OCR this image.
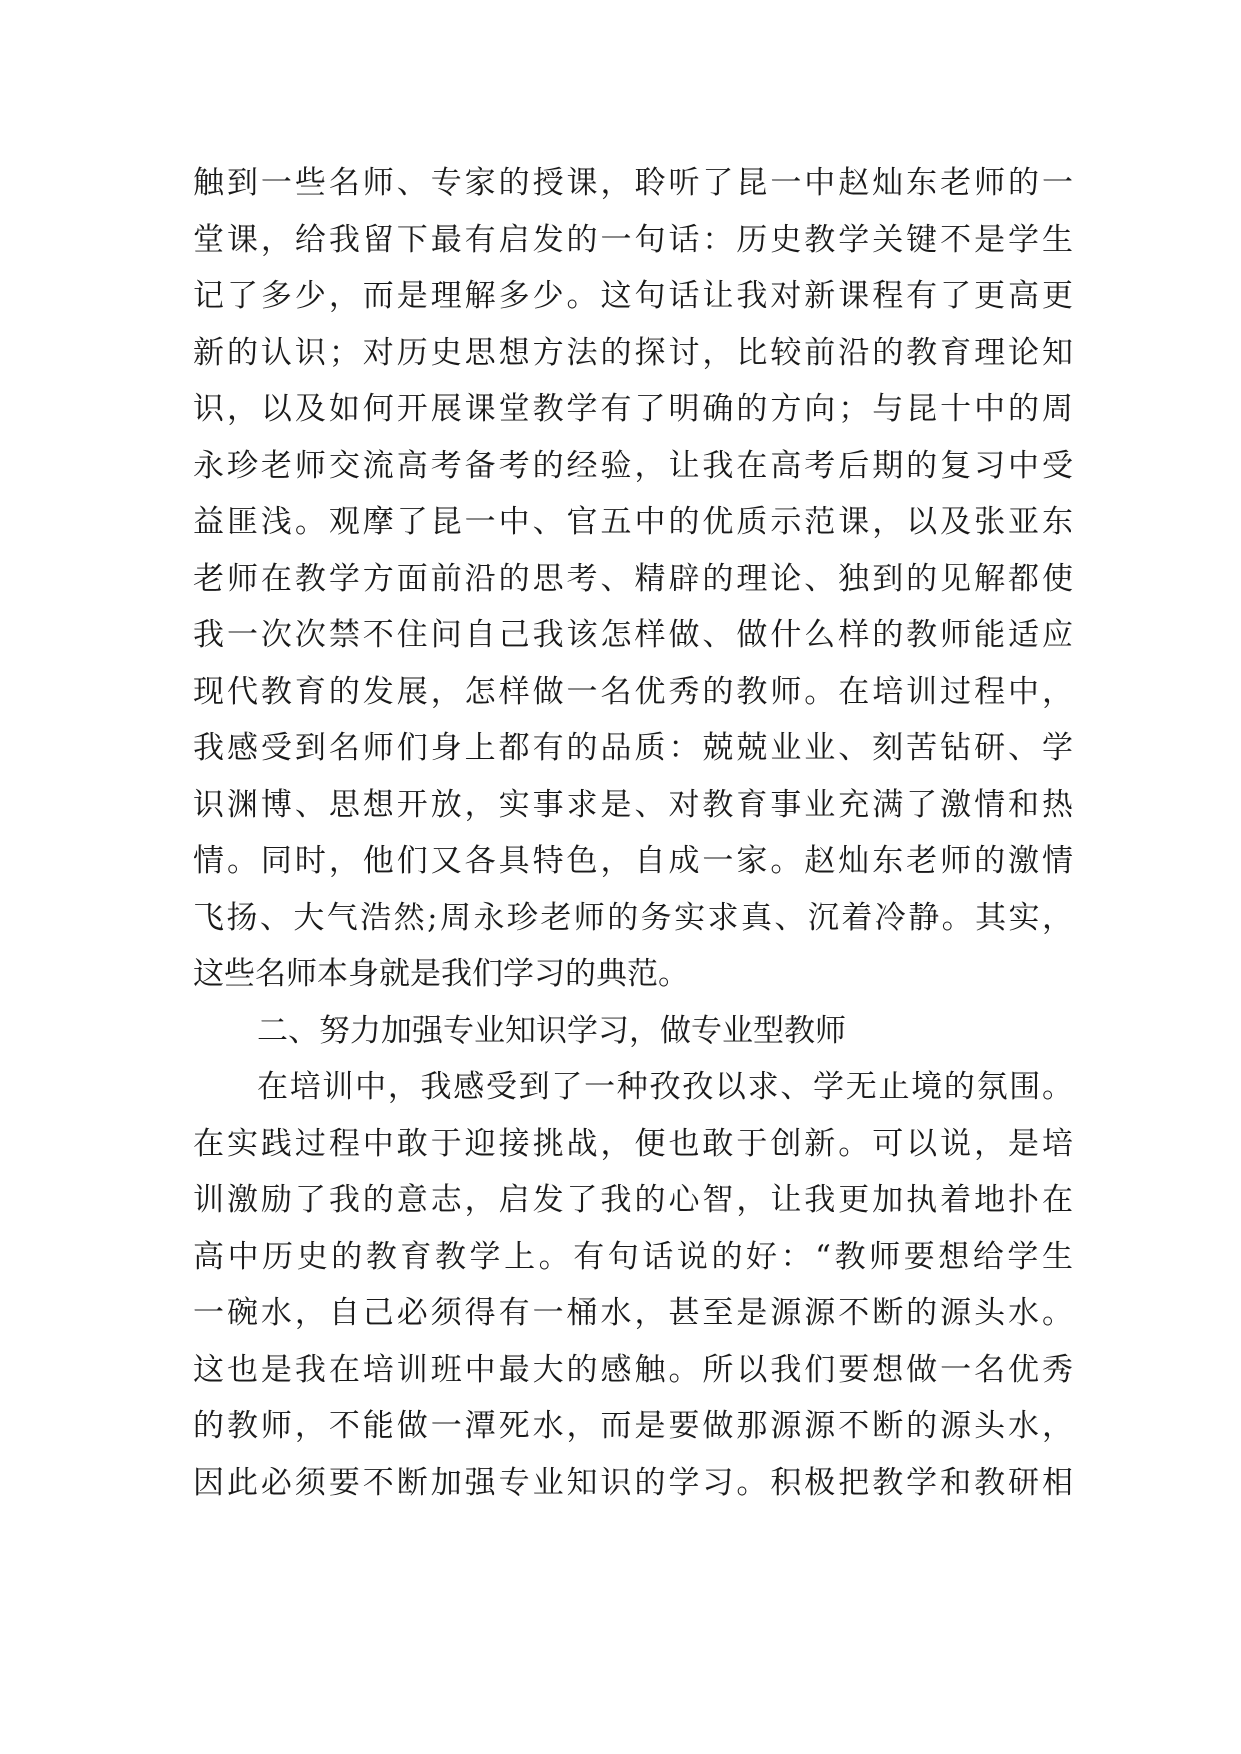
触到一些名师、专家的授课，聆听了昆一中赵灿东老师的一
堂课，给我留下最有启发的一句话：历史教学关键不是学生
记了多少，而是理解多少。这句话让我对新课程有了更高更
新的认识；对历史思想方法的探讨，比较前沿的教育理论知
识，以及如何开展课堂教学有了明确的方向；与昆十中的周
永珍老师交流高考备考的经验，让我在高考后期的复习中受
益匪浅。观摩了昆一中、官五中的优质示范课，以及张亚东
老师在教学方面前沿的思考、精辟的理论、独到的见解都使
我一次次禁不住问自己我该怎样做、做什么样的教师能适应
现代教育的发展，怎样做一名优秀的教师。在培训过程中，
我感受到名师们身上都有的品质：兢兢业业、刻苦钻研、学
识渊博、思想开放，实事求是、对教育事业充满了激情和热
情。同时，他们又各具特色，自成一家。赵灿东老师的激情
飞扬、大气浩然;周永珍老师的务实求真、沉着冷静。其实，
这些名师本身就是我们学习的典范。
二、努力加强专业知识学习，做专业型教师
在培训中，我感受到了一种孜孜以求、学无止境的氛围。
在实践过程中敢于迎接挑战，便也敢于创新。可以说，是培
训激励了我的意志，启发了我的心智，让我更加执着地扑在
高中历史的教育教学上。有句话说的好：“教师要想给学生
一碗水，自己必须得有一桶水，甚至是源源不断的源头水。
这也是我在培训班中最大的感触。所以我们要想做一名优秀
的教师，不能做一潭死水，而是要做那源源不断的源头水，
因此必须要不断加强专业知识的学习。积极把教学和教研相
